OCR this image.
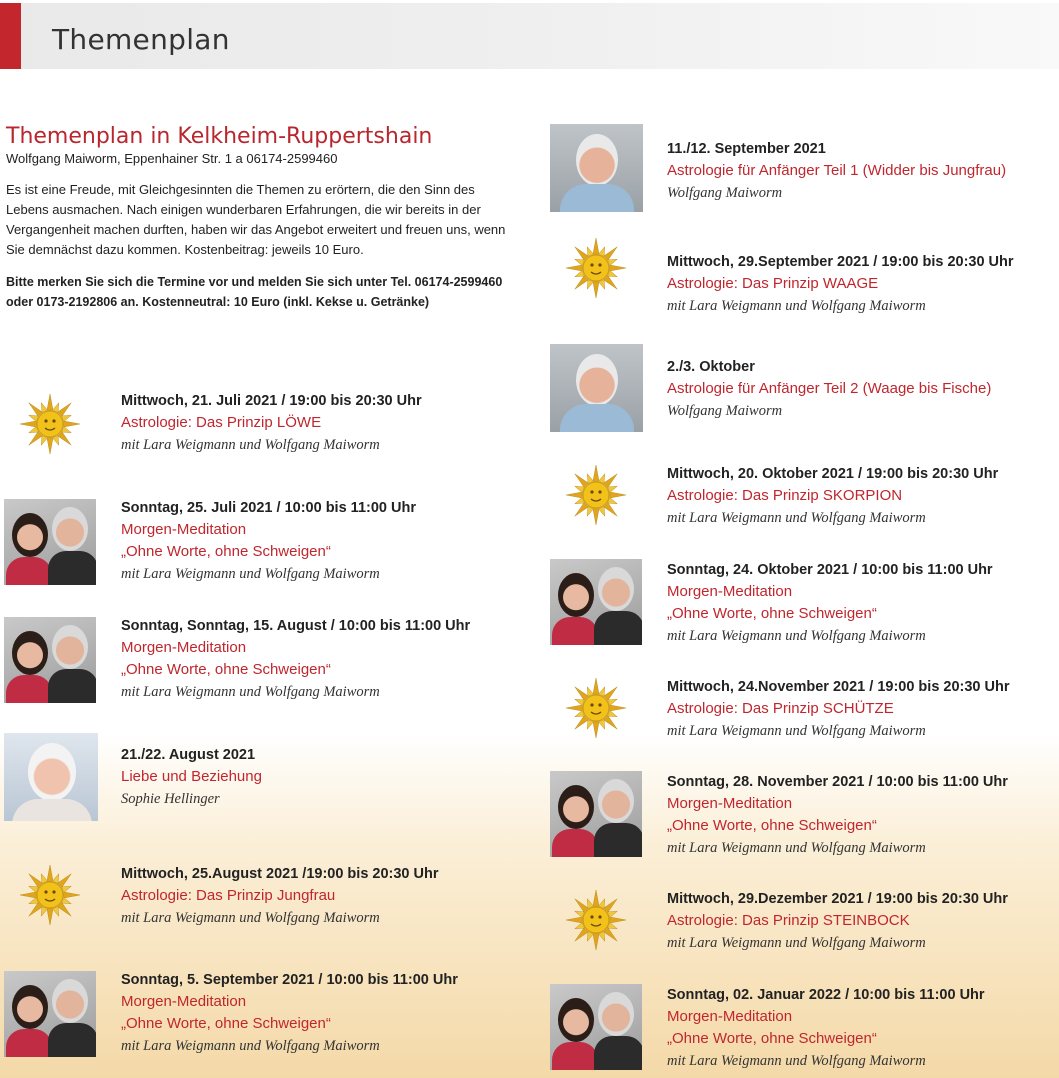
Themenplan
Themenplan in Kelkheim-Ruppertshain
Wolfgang Maiworm, Eppenhainer Str. 1 a 06174-2599460
Es ist eine Freude, mit Gleichgesinnten die Themen zu erörtern, die den Sinn des Lebens ausmachen. Nach einigen wunderbaren Erfahrungen, die wir bereits in der Vergangenheit machen durften, haben wir das Angebot erweitert und freuen uns, wenn Sie demnächst dazu kommen. Kostenbeitrag: jeweils 10 Euro.
Bitte merken Sie sich die Termine vor und melden Sie sich unter Tel. 06174-2599460 oder 0173-2192806 an. Kostenneutral: 10 Euro (inkl. Kekse u. Getränke)
Mittwoch, 21. Juli 2021 / 19:00 bis 20:30 Uhr
Astrologie: Das Prinzip LÖWE
mit Lara Weigmann und Wolfgang Maiworm
Sonntag, 25. Juli 2021 / 10:00 bis 11:00 Uhr
Morgen-Meditation
„Ohne Worte, ohne Schweigen“
mit Lara Weigmann und Wolfgang Maiworm
Sonntag, Sonntag, 15. August / 10:00 bis 11:00 Uhr
Morgen-Meditation
„Ohne Worte, ohne Schweigen“
mit Lara Weigmann und Wolfgang Maiworm
21./22. August 2021
Liebe und Beziehung
Sophie Hellinger
Mittwoch, 25.August 2021 /19:00 bis 20:30 Uhr
Astrologie: Das Prinzip Jungfrau
mit Lara Weigmann und Wolfgang Maiworm
Sonntag, 5. September 2021 / 10:00 bis 11:00 Uhr
Morgen-Meditation
„Ohne Worte, ohne Schweigen“
mit Lara Weigmann und Wolfgang Maiworm
11./12. September 2021
Astrologie für Anfänger Teil 1 (Widder bis Jungfrau)
Wolfgang Maiworm
Mittwoch, 29.September 2021 / 19:00 bis 20:30 Uhr
Astrologie: Das Prinzip WAAGE
mit Lara Weigmann und Wolfgang Maiworm
2./3. Oktober
Astrologie für Anfänger Teil 2 (Waage bis Fische)
Wolfgang Maiworm
Mittwoch, 20. Oktober 2021 / 19:00 bis 20:30 Uhr
Astrologie: Das Prinzip SKORPION
mit Lara Weigmann und Wolfgang Maiworm
Sonntag, 24. Oktober 2021 / 10:00 bis 11:00 Uhr
Morgen-Meditation
„Ohne Worte, ohne Schweigen“
mit Lara Weigmann und Wolfgang Maiworm
Mittwoch, 24.November 2021 / 19:00 bis 20:30 Uhr
Astrologie: Das Prinzip SCHÜTZE
mit Lara Weigmann und Wolfgang Maiworm
Sonntag, 28. November 2021 / 10:00 bis 11:00 Uhr
Morgen-Meditation
„Ohne Worte, ohne Schweigen“
mit Lara Weigmann und Wolfgang Maiworm
Mittwoch, 29.Dezember 2021 / 19:00 bis 20:30 Uhr
Astrologie: Das Prinzip STEINBOCK
mit Lara Weigmann und Wolfgang Maiworm
Sonntag, 02. Januar 2022 / 10:00 bis 11:00 Uhr
Morgen-Meditation
„Ohne Worte, ohne Schweigen“
mit Lara Weigmann und Wolfgang Maiworm
